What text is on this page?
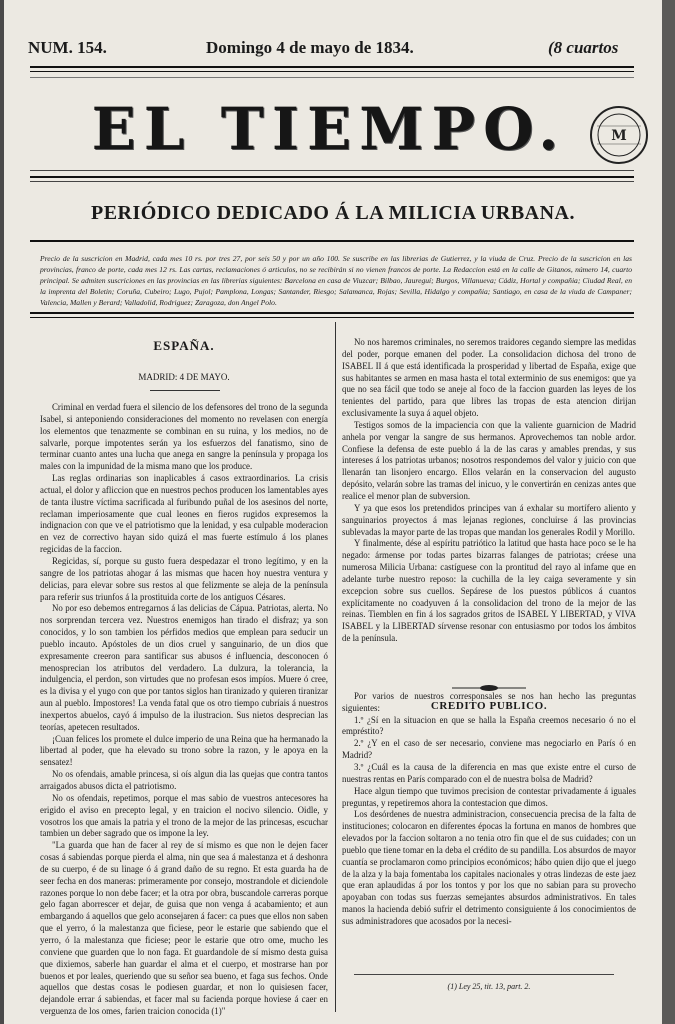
NUM. 154.	Domingo 4 de mayo de 1834.	(8 cuartos
EL TIEMPO.	M
PERIÓDICO DEDICADO Á LA MILICIA URBANA.
Precio de la suscricion en Madrid, cada mes 10 rs. por tres 27, por seis 50 y por un año 100. Se suscribe en las librerias de Gutierrez, y la viuda de Cruz. Precio de la suscricion en las provincias, franco de porte, cada mes 12 rs. Las cartas, reclamaciones ó articulos, no se recibirán si no vienen francos de porte. La Redaccion está en la calle de Gitanos, número 14, cuarto principal. Se admiten suscriciones en las provincias en las librerias siguientes: Barcelona en casa de Viuzcar; Bilbao, Jaureguí; Burgos, Villanueva; Cádiz, Hortal y compañia; Ciudad Real, en la imprenta del Boletin; Coruña, Cubeiro; Lugo, Pujol; Pamplona, Longas; Santander, Riesgo; Salamanca, Rojas; Sevilla, Hidalgo y compañia; Santiago, en casa de la viuda de Campaner; Valencia, Mallen y Berard; Valladolid, Rodriguez; Zaragoza, don Angel Polo.
ESPAÑA.
MADRID: 4 DE MAYO.

Criminal en verdad fuera el silencio de los defensores del trono de la segunda Isabel, si anteponiendo consideraciones del momento no revelasen con energía los elementos que tenazmente se combinan en su ruina, y los medios, no de salvarle, porque impotentes serán ya los esfuerzos del fanatismo, sino de terminar cuanto antes una lucha que anega en sangre la península y propaga los males con la impunidad de la misma mano que los produce.

Las reglas ordinarias son inaplicables á casos extraordinarios. La crisis actual, el dolor y afliccion que en nuestros pechos producen los lamentables ayes de tanta ilustre víctima sacrificada al furibundo puñal de los asesinos del norte, reclaman imperiosamente que cual leones en fieros rugidos expresemos la indignacion con que ve el patriotismo que la lenidad, y esa culpable moderacion en vez de correctivo hayan sido quizá el mas fuerte estímulo á los planes regicidas de la faccion.

Regicidas, sí, porque su gusto fuera despedazar el trono legítimo, y en la sangre de los patriotas ahogar á las mismas que hacen hoy nuestra ventura y delicias, para elevar sobre sus restos al que felizmente se aleja de la península para referir sus triunfos á la prostituida corte de los antiguos Césares.

No por eso debemos entregarnos á las delicias de Cápua. Patriotas, alerta. No nos sorprendan tercera vez. Nuestros enemigos han tirado el disfraz; ya son conocidos, y lo son tambien los pérfidos medios que emplean para seducir un pueblo incauto. Apóstoles de un dios cruel y sanguinario, de un dios que expresamente creeron para santificar sus abusos é influencia, desconocen ó menosprecian los atributos del verdadero. La dulzura, la tolerancia, la indulgencia, el perdon, son virtudes que no profesan esos impíos. Muere ó cree, es la divisa y el yugo con que por tantos siglos han tiranizado y quieren tiranizar aun al pueblo. Impostores! La venda fatal que os otro tiempo cubríais á nuestros inexpertos abuelos, cayó á impulso de la ilustracion. Sus nietos desprecian las teorías, apetecen resultados.

¡Cuan felices los promete el dulce imperio de una Reina que ha hermanado la libertad al poder, que ha elevado su trono sobre la razon, y le apoya en la sensatez!

No os ofendais, amable princesa, si oís algun dia las quejas que contra tantos arraigados abusos dicta el patriotismo.

No os ofendais, repetimos, porque el mas sabio de vuestros antecesores ha erigido el aviso en precepto legal, y en traicion el nocivo silencio. Oidle, y vosotros los que amais la patria y el trono de la mejor de las princesas, escuchar tambien un deber sagrado que os impone la ley.

"La guarda que han de facer al rey de sí mismo es que non le dejen facer cosas á sabiendas porque pierda el alma, nin que sea á malestanza et á deshonra de su cuerpo, é de su linage ó á grand daño de su regno. Et esta guarda ha de seer fecha en dos maneras: primeramente por consejo, mostrandole et diciendole razones porque lo non debe facer; et la otra por obra, buscandole carreras porque gelo fagan aborrescer et dejar, de guisa que non venga á acabamiento; et aun embargando á aquellos que gelo aconsejaren á facer: ca pues que ellos non saben que el yerro, ó la malestanza que ficiese, peor le estarie que sabiendo que el yerro, ó la malestanza que ficiese; peor le estarie que otro ome, mucho les conviene que guarden que lo non faga. Et guardandole de sí mismo desta guisa que dixiemos, saberle han guardar el alma et el cuerpo, et mostrarse han por buenos et por leales, queriendo que su señor sea bueno, et faga sus fechos. Onde aquellos que destas cosas le podiesen guardar, et non lo quisiesen facer, dejandole errar á sabiendas, et facer mal su facienda porque hoviese á caer en verguenza de los omes, farien traicion conocida (1)"

No nos haremos criminales, no seremos traidores cegando siempre las medidas del poder, porque emanen del poder. La consolidacion dichosa del trono de ISABEL II á que está identificada la prosperidad y libertad de España, exige que sus habitantes se armen en masa hasta el total exterminio de sus enemigos: que ya que no sea fácil que todo se aneje al foco de la faccion guarden las leyes de los tenientes del partido, para que libres las tropas de esta atencion dirijan exclusivamente la suya á aquel objeto.

Testigos somos de la impaciencia con que la valiente guarnicion de Madrid anhela por vengar la sangre de sus hermanos. Aprovechemos tan noble ardor. Confiese la defensa de este pueblo á la de las caras y amables prendas, y sus intereses á los patriotas urbanos; nosotros respondemos del valor y juicio con que llenarán tan lisonjero encargo. Ellos velarán en la conservacion del augusto depósito, velarán sobre las tramas del inicuo, y le convertirán en cenizas antes que realice el menor plan de subversion.

Y ya que esos los pretendidos principes van á exhalar su mortífero aliento y sanguinarios proyectos á mas lejanas regiones, concluirse á las provincias sublevadas la mayor parte de las tropas que mandan los generales Rodil y Morillo.

Y finalmente, dése al espíritu patriótico la latitud que hasta hace poco se le ha negado: ármense por todas partes bizarras falanges de patriotas; créese una numerosa Milicia Urbana: castíguese con la prontitud del rayo al infame que en adelante turbe nuestro reposo: la cuchilla de la ley caiga severamente y sin excepcion sobre sus cuellos. Sepárese de los puestos públicos á cuantos explícitamente no coadyuven á la consolidacion del trono de la mejor de las reinas. Tiemblen en fin á los sagrados gritos de ISABEL Y LIBERTAD, y VIVA ISABEL y la LIBERTAD sírvense resonar con entusiasmo por todos los ámbitos de la península.

Por varios de nuestros corresponsales se nos han hecho las preguntas siguientes:

1.º ¿Sí en la situacion en que se halla la España creemos necesario ó no el empréstito?

2.º ¿Y en el caso de ser necesario, conviene mas negociarlo en París ó en Madrid?

3.º ¿Cuál es la causa de la diferencia en mas que existe entre el curso de nuestras rentas en París comparado con el de nuestra bolsa de Madrid?

Hace algun tiempo que tuvimos precision de contestar privadamente á iguales preguntas, y repetiremos ahora la contestacion que dimos.

Los desórdenes de nuestra administracion, consecuencia precisa de la falta de instituciones; colocaron en diferentes épocas la fortuna en manos de hombres que elevados por la faccion soltaron a no tenia otro fin que el de sus cuidades; con un pueblo que tiene tomar en la deba el crédito de su pandilla. Los absurdos de mayor cuantía se proclamaron como principios económicos; hábo quien dijo que el juego de la alza y la baja fomentaba los capitales nacionales y otras lindezas de este jaez que eran aplaudidas á por los tontos y por los que no sabian para su provecho apoyaban con todas sus fuerzas semejantes absurdos administrativos. En tales manos la hacienda debió sufrir el detrimento consiguiente á los conocimientos de sus administradores que acosados por la necesi-

CREDITO PUBLICO.
(1) Ley 25, tit. 13, part. 2.
